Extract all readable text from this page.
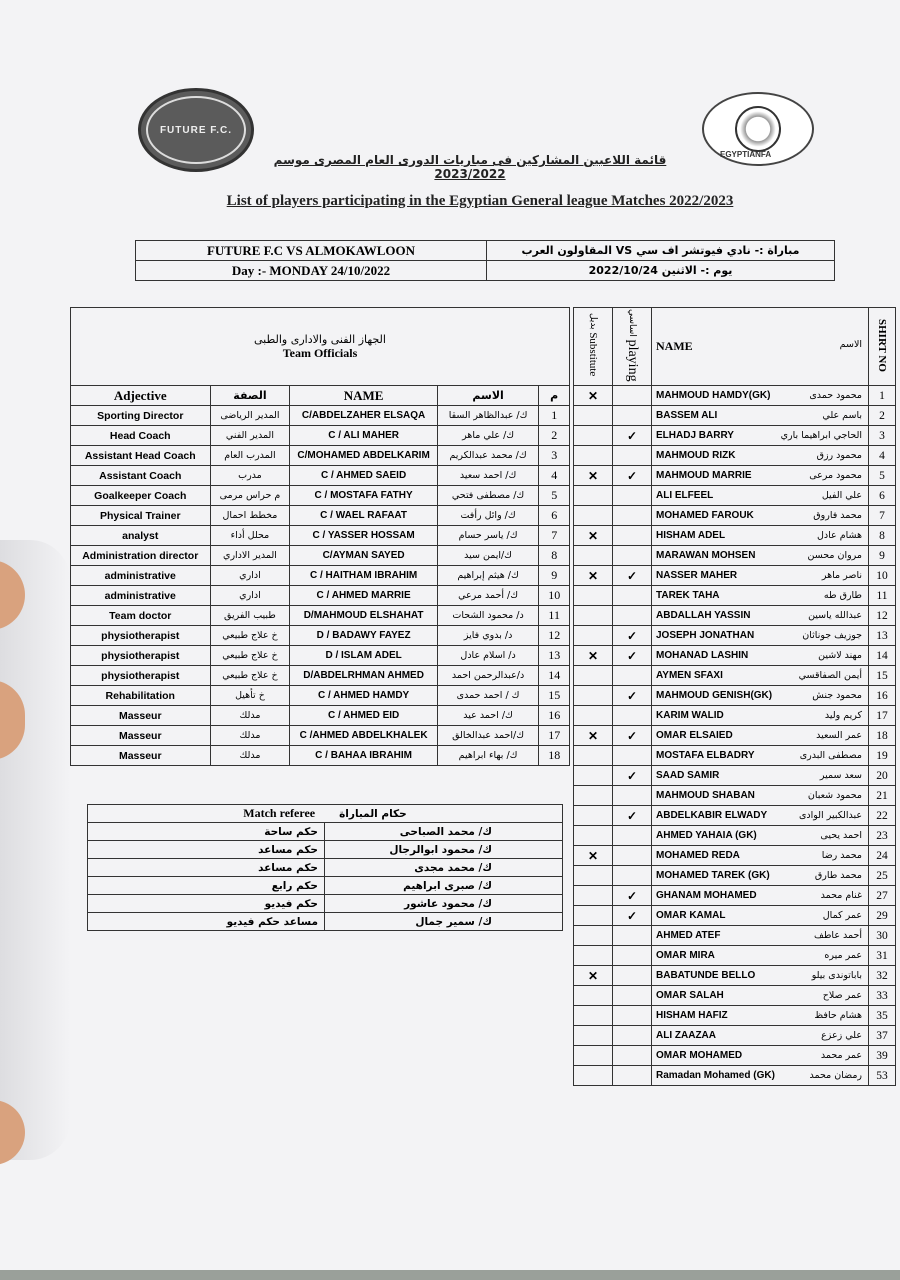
FUTURE F.C.
EGYPTIANFA
قائمة اللاعبين المشاركين فى مباريات الدورى العام المصرى موسم 2023/2022
List of players participating in the Egyptian General league Matches 2022/2023
FUTURE F.C VS ALMOKAWLOON	مباراة :- نادي فيوتشر اف سي VS المقاولون العرب
Day :- MONDAY 24/10/2022	يوم :- الاثنين 2022/10/24
الجهاز الفنى والادارى والطبى
Team Officials				

Adjective	الصفة	NAME	الاسم	م
Sporting Director	المدير الرياضى	C/ABDELZAHER ELSAQA	ك/ عبدالظاهر السقا	1
Head Coach	المدير الفني	C / ALI MAHER	ك/ علي ماهر	2
Assistant Head Coach	المدرب العام	C/MOHAMED ABDELKARIM	ك/ محمد عبدالكريم	3
Assistant Coach	مدرب	C / AHMED SAEID	ك/ احمد سعيد	4
Goalkeeper Coach	م حراس مرمى	C / MOSTAFA FATHY	ك/ مصطفى فتحي	5
Physical Trainer	مخطط احمال	C / WAEL RAFAAT	ك/ وائل رأفت	6
analyst	محلل أداء	C / YASSER HOSSAM	ك/ ياسر حسام	7
Administration director	المدير الاداري	C/AYMAN SAYED	ك/ايمن سيد	8
administrative	اداري	C / HAITHAM IBRAHIM	ك/ هيثم إبراهيم	9
administrative	اداري	C / AHMED MARRIE	ك/ أحمد مرعي	10
Team doctor	طبيب الفريق	D/MAHMOUD ELSHAHAT	د/ محمود الشحات	11
physiotherapist	خ علاج طبيعي	D / BADAWY FAYEZ	د/ بدوي فايز	12
physiotherapist	خ علاج طبيعي	D / ISLAM ADEL	د/ اسلام عادل	13
physiotherapist	خ علاج طبيعي	D/ABDELRHMAN AHMED	د/عبدالرحمن احمد	14
Rehabilitation	خ تأهيل	C / AHMED HAMDY	ك / احمد حمدى	15
Masseur	مدلك	C / AHMED EID	ك/ احمد عيد	16
Masseur	مدلك	C /AHMED ABDELKHALEK	ك/احمد عبدالخالق	17
Masseur	مدلك	C / BAHAA IBRAHIM	ك/ بهاء ابراهيم	18
بديل Substitute	اساسي playing	NAME الاسم	SHIRT NO
✕		MAHMOUD HAMDY(GK) محمود حمدى	1

		BASSEM ALI باسم علي	2
	✓	ELHADJ BARRY الحاجي ابراهيما باري	3

		MAHMOUD RIZK محمود رزق	4
✕	✓	MAHMOUD MARRIE محمود مرعى	5

		ALI ELFEEL علي الفيل	6

		MOHAMED FAROUK محمد فاروق	7
✕		HISHAM ADEL هشام عادل	8

		MARAWAN MOHSEN مروان محسن	9
✕	✓	NASSER MAHER ناصر ماهر	10

		TAREK TAHA طارق طه	11

		ABDALLAH YASSIN عبدالله ياسين	12
	✓	JOSEPH JONATHAN جوزيف جوناثان	13
✕	✓	MOHANAD LASHIN مهند لاشين	14

		AYMEN SFAXI أيمن الصفاقسي	15
	✓	MAHMOUD GENISH(GK) محمود جنش	16

		KARIM WALID كريم وليد	17
✕	✓	OMAR ELSAIED عمر السعيد	18

		MOSTAFA ELBADRY مصطفى البدرى	19
	✓	SAAD SAMIR سعد سمير	20

		MAHMOUD SHABAN محمود شعبان	21
	✓	ABDELKABIR ELWADY عبدالكبير الوادى	22

		AHMED YAHAIA (GK) احمد يحيى	23
✕		MOHAMED REDA محمد رضا	24

		MOHAMED TAREK (GK) محمد طارق	25
	✓	GHANAM MOHAMED غنام محمد	27
	✓	OMAR KAMAL عمر كمال	29

		AHMED ATEF أحمد عاطف	30

		OMAR MIRA عمر ميره	31
✕		BABATUNDE BELLO باباتوندى بيلو	32

		OMAR SALAH عمر صلاح	33

		HISHAM HAFIZ هشام حافظ	35

		ALI ZAAZAA علي زعزع	37

		OMAR MOHAMED عمر محمد	39

		Ramadan Mohamed (GK) رمضان محمد	53
Match referee حكام المباراة	
حكم ساحة	ك/ محمد الصباحى
حكم مساعد	ك/ محمود ابوالرجال
حكم مساعد	ك/ محمد مجدى
حكم رابع	ك/ صبرى ابراهيم
حكم فيديو	ك/ محمود عاشور
مساعد حكم فيديو	ك/ سمير جمال
